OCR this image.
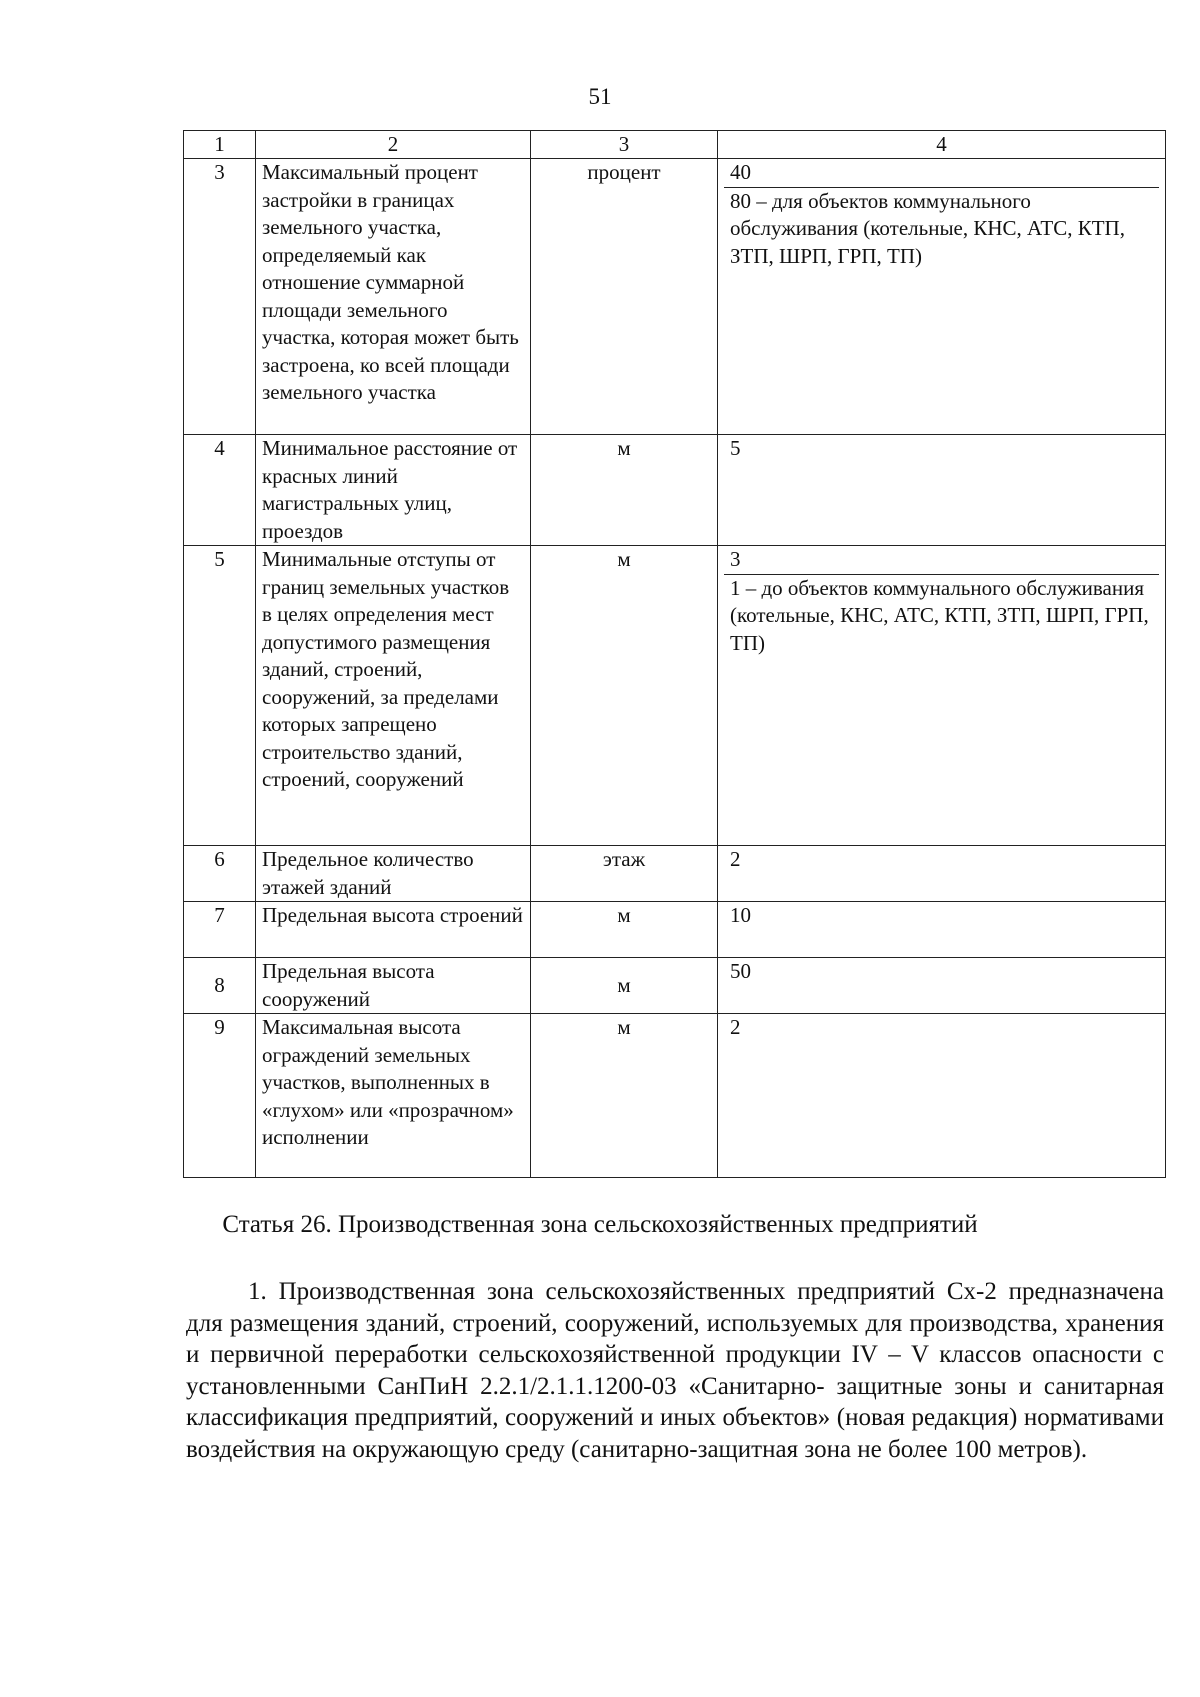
51
1	2	3	4
3	Максимальный процент застройки в границах земельного участка, определяемый как отношение суммарной площади земельного участка, которая может быть застроена, ко всей площади земельного участка	процент	40
80 – для объектов коммунального обслуживания (котельные, КНС, АТС, КТП, ЗТП, ШРП, ГРП, ТП)

4	Минимальное расстояние от красных линий магистральных улиц, проездов	м	5

5	Минимальные отступы от границ земельных участков в целях определения мест допустимого размещения зданий, строений, сооружений, за пределами которых запрещено строительство зданий, строений, сооружений	м	3
1 – до объектов коммунального обслуживания (котельные, КНС, АТС, КТП, ЗТП, ШРП, ГРП, ТП)

6	Предельное количество этажей зданий	этаж	2

7	Предельная высота строений	м	10

8	Предельная высота сооружений	м	50

9	Максимальная высота ограждений земельных участков, выполненных в «глухом» или «прозрачном» исполнении	м	2
Статья 26. Производственная зона сельскохозяйственных предприятий
1. Производственная зона сельскохозяйственных предприятий Сх-2 предназначена для размещения зданий, строений, сооружений, используемых для производства, хранения и первичной переработки сельскохозяйственной продукции IV – V классов опасности с установленными СанПиН 2.2.1/2.1.1.1200-03 «Санитарно- защитные зоны и санитарная классификация предприятий, сооружений и иных объектов» (новая редакция) нормативами воздействия на окружающую среду (санитарно-защитная зона не более 100 метров).
